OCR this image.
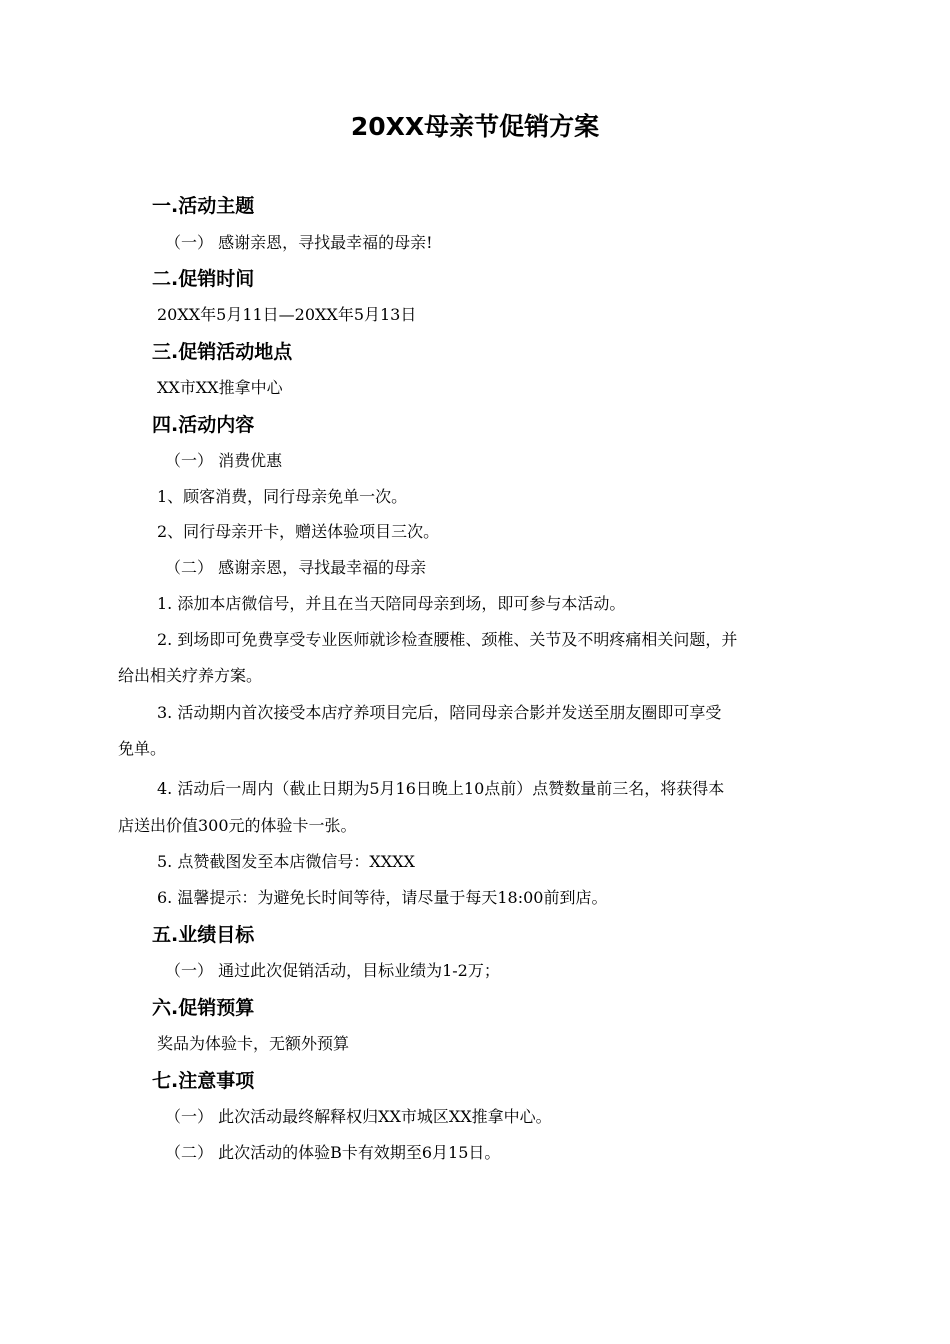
20XX母亲节促销方案
一.活动主题
（一） 感谢亲恩，寻找最幸福的母亲!
二.促销时间
20XX年5月11日—20XX年5月13日
三.促销活动地点
XX市XX推拿中心
四.活动内容
（一） 消费优惠
1、顾客消费，同行母亲免单一次。
2、同行母亲开卡，赠送体验项目三次。
（二） 感谢亲恩，寻找最幸福的母亲
1. 添加本店微信号，并且在当天陪同母亲到场，即可参与本活动。
2. 到场即可免费享受专业医师就诊检查腰椎、颈椎、关节及不明疼痛相关问题，并
给出相关疗养方案。
3. 活动期内首次接受本店疗养项目完后，陪同母亲合影并发送至朋友圈即可享受
免单。
4. 活动后一周内（截止日期为5月16日晚上10点前）点赞数量前三名，将获得本
店送出价值300元的体验卡一张。
5. 点赞截图发至本店微信号：XXXX
6. 温馨提示：为避免长时间等待，请尽量于每天18:00前到店。
五.业绩目标
（一） 通过此次促销活动，目标业绩为1-2万；
六.促销预算
奖品为体验卡，无额外预算
七.注意事项
（一） 此次活动最终解释权归XX市城区XX推拿中心。
（二） 此次活动的体验B卡有效期至6月15日。
